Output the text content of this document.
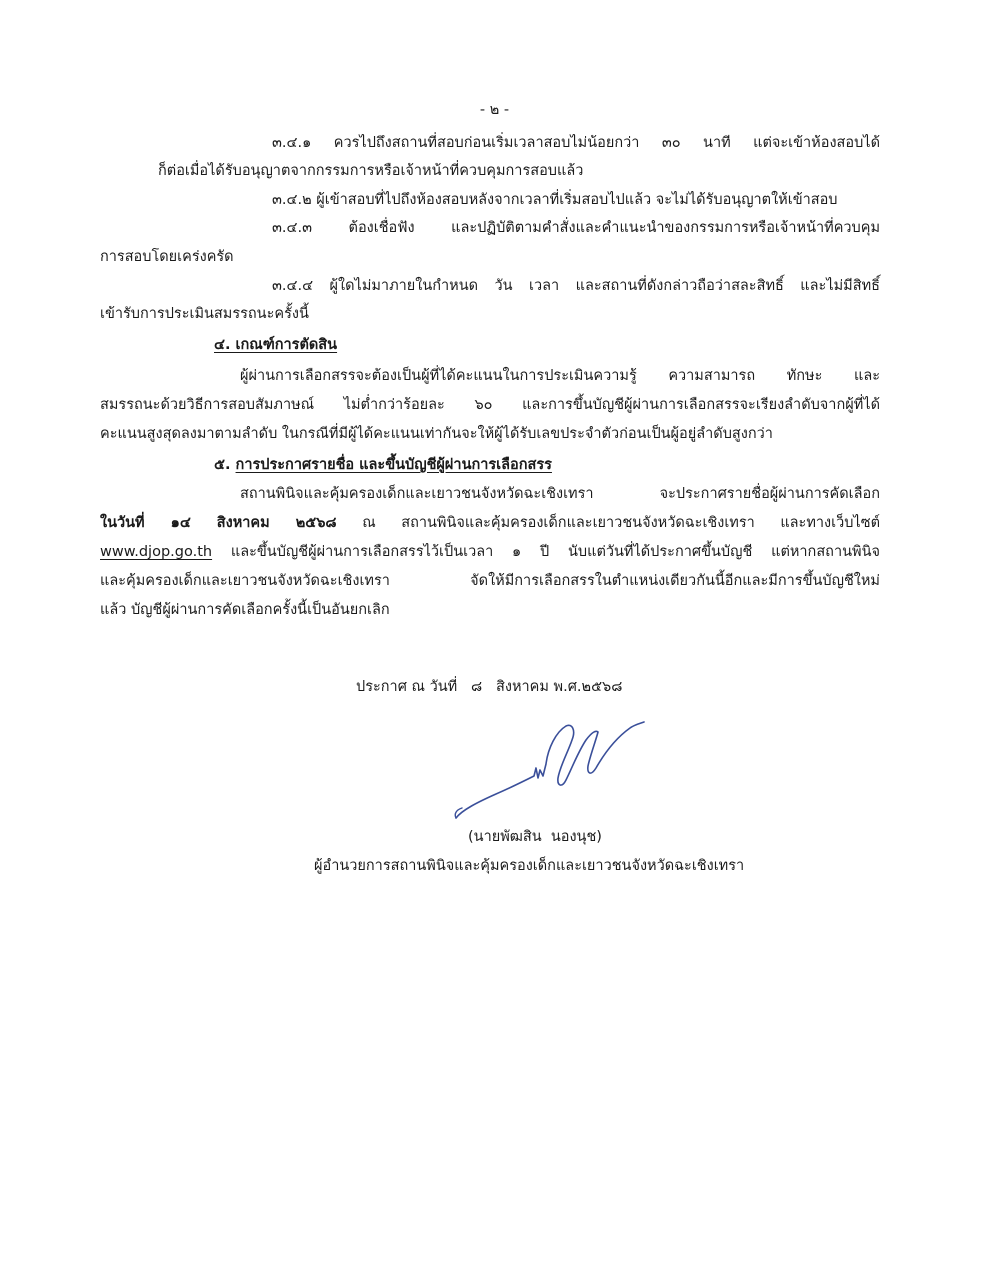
- ๒ -
๓.๔.๑ ควรไปถึงสถานที่สอบก่อนเริ่มเวลาสอบไม่น้อยกว่า ๓๐ นาที แต่จะเข้าห้องสอบได้
ก็ต่อเมื่อได้รับอนุญาตจากกรรมการหรือเจ้าหน้าที่ควบคุมการสอบแล้ว
๓.๔.๒ ผู้เข้าสอบที่ไปถึงห้องสอบหลังจากเวลาที่เริ่มสอบไปแล้ว จะไม่ได้รับอนุญาตให้เข้าสอบ
๓.๔.๓ ต้องเชื่อฟัง และปฏิบัติตามคำสั่งและคำแนะนำของกรรมการหรือเจ้าหน้าที่ควบคุม
การสอบโดยเคร่งครัด
๓.๔.๔ ผู้ใดไม่มาภายในกำหนด วัน เวลา และสถานที่ดังกล่าวถือว่าสละสิทธิ์ และไม่มีสิทธิ์
เข้ารับการประเมินสมรรถนะครั้งนี้
๔. เกณฑ์การตัดสิน
ผู้ผ่านการเลือกสรรจะต้องเป็นผู้ที่ได้คะแนนในการประเมินความรู้ ความสามารถ ทักษะ และ
สมรรถนะด้วยวิธีการสอบสัมภาษณ์ ไม่ต่ำกว่าร้อยละ ๖๐ และการขึ้นบัญชีผู้ผ่านการเลือกสรรจะเรียงลำดับจากผู้ที่ได้
คะแนนสูงสุดลงมาตามลำดับ ในกรณีที่มีผู้ได้คะแนนเท่ากันจะให้ผู้ได้รับเลขประจำตัวก่อนเป็นผู้อยู่ลำดับสูงกว่า
๕. การประกาศรายชื่อ และขึ้นบัญชีผู้ผ่านการเลือกสรร
สถานพินิจและคุ้มครองเด็กและเยาวชนจังหวัดฉะเชิงเทรา จะประกาศรายชื่อผู้ผ่านการคัดเลือก
ในวันที่ ๑๔ สิงหาคม ๒๕๖๘ ณ สถานพินิจและคุ้มครองเด็กและเยาวชนจังหวัดฉะเชิงเทรา และทางเว็บไซต์
www.djop.go.th และขึ้นบัญชีผู้ผ่านการเลือกสรรไว้เป็นเวลา ๑ ปี นับแต่วันที่ได้ประกาศขึ้นบัญชี แต่หากสถานพินิจ
และคุ้มครองเด็กและเยาวชนจังหวัดฉะเชิงเทรา จัดให้มีการเลือกสรรในตำแหน่งเดียวกันนี้อีกและมีการขึ้นบัญชีใหม่
แล้ว บัญชีผู้ผ่านการคัดเลือกครั้งนี้เป็นอันยกเลิก
ประกาศ ณ วันที่   ๘   สิงหาคม พ.ศ.๒๕๖๘
(นายพัฒสิน  นองนุช)
ผู้อำนวยการสถานพินิจและคุ้มครองเด็กและเยาวชนจังหวัดฉะเชิงเทรา
